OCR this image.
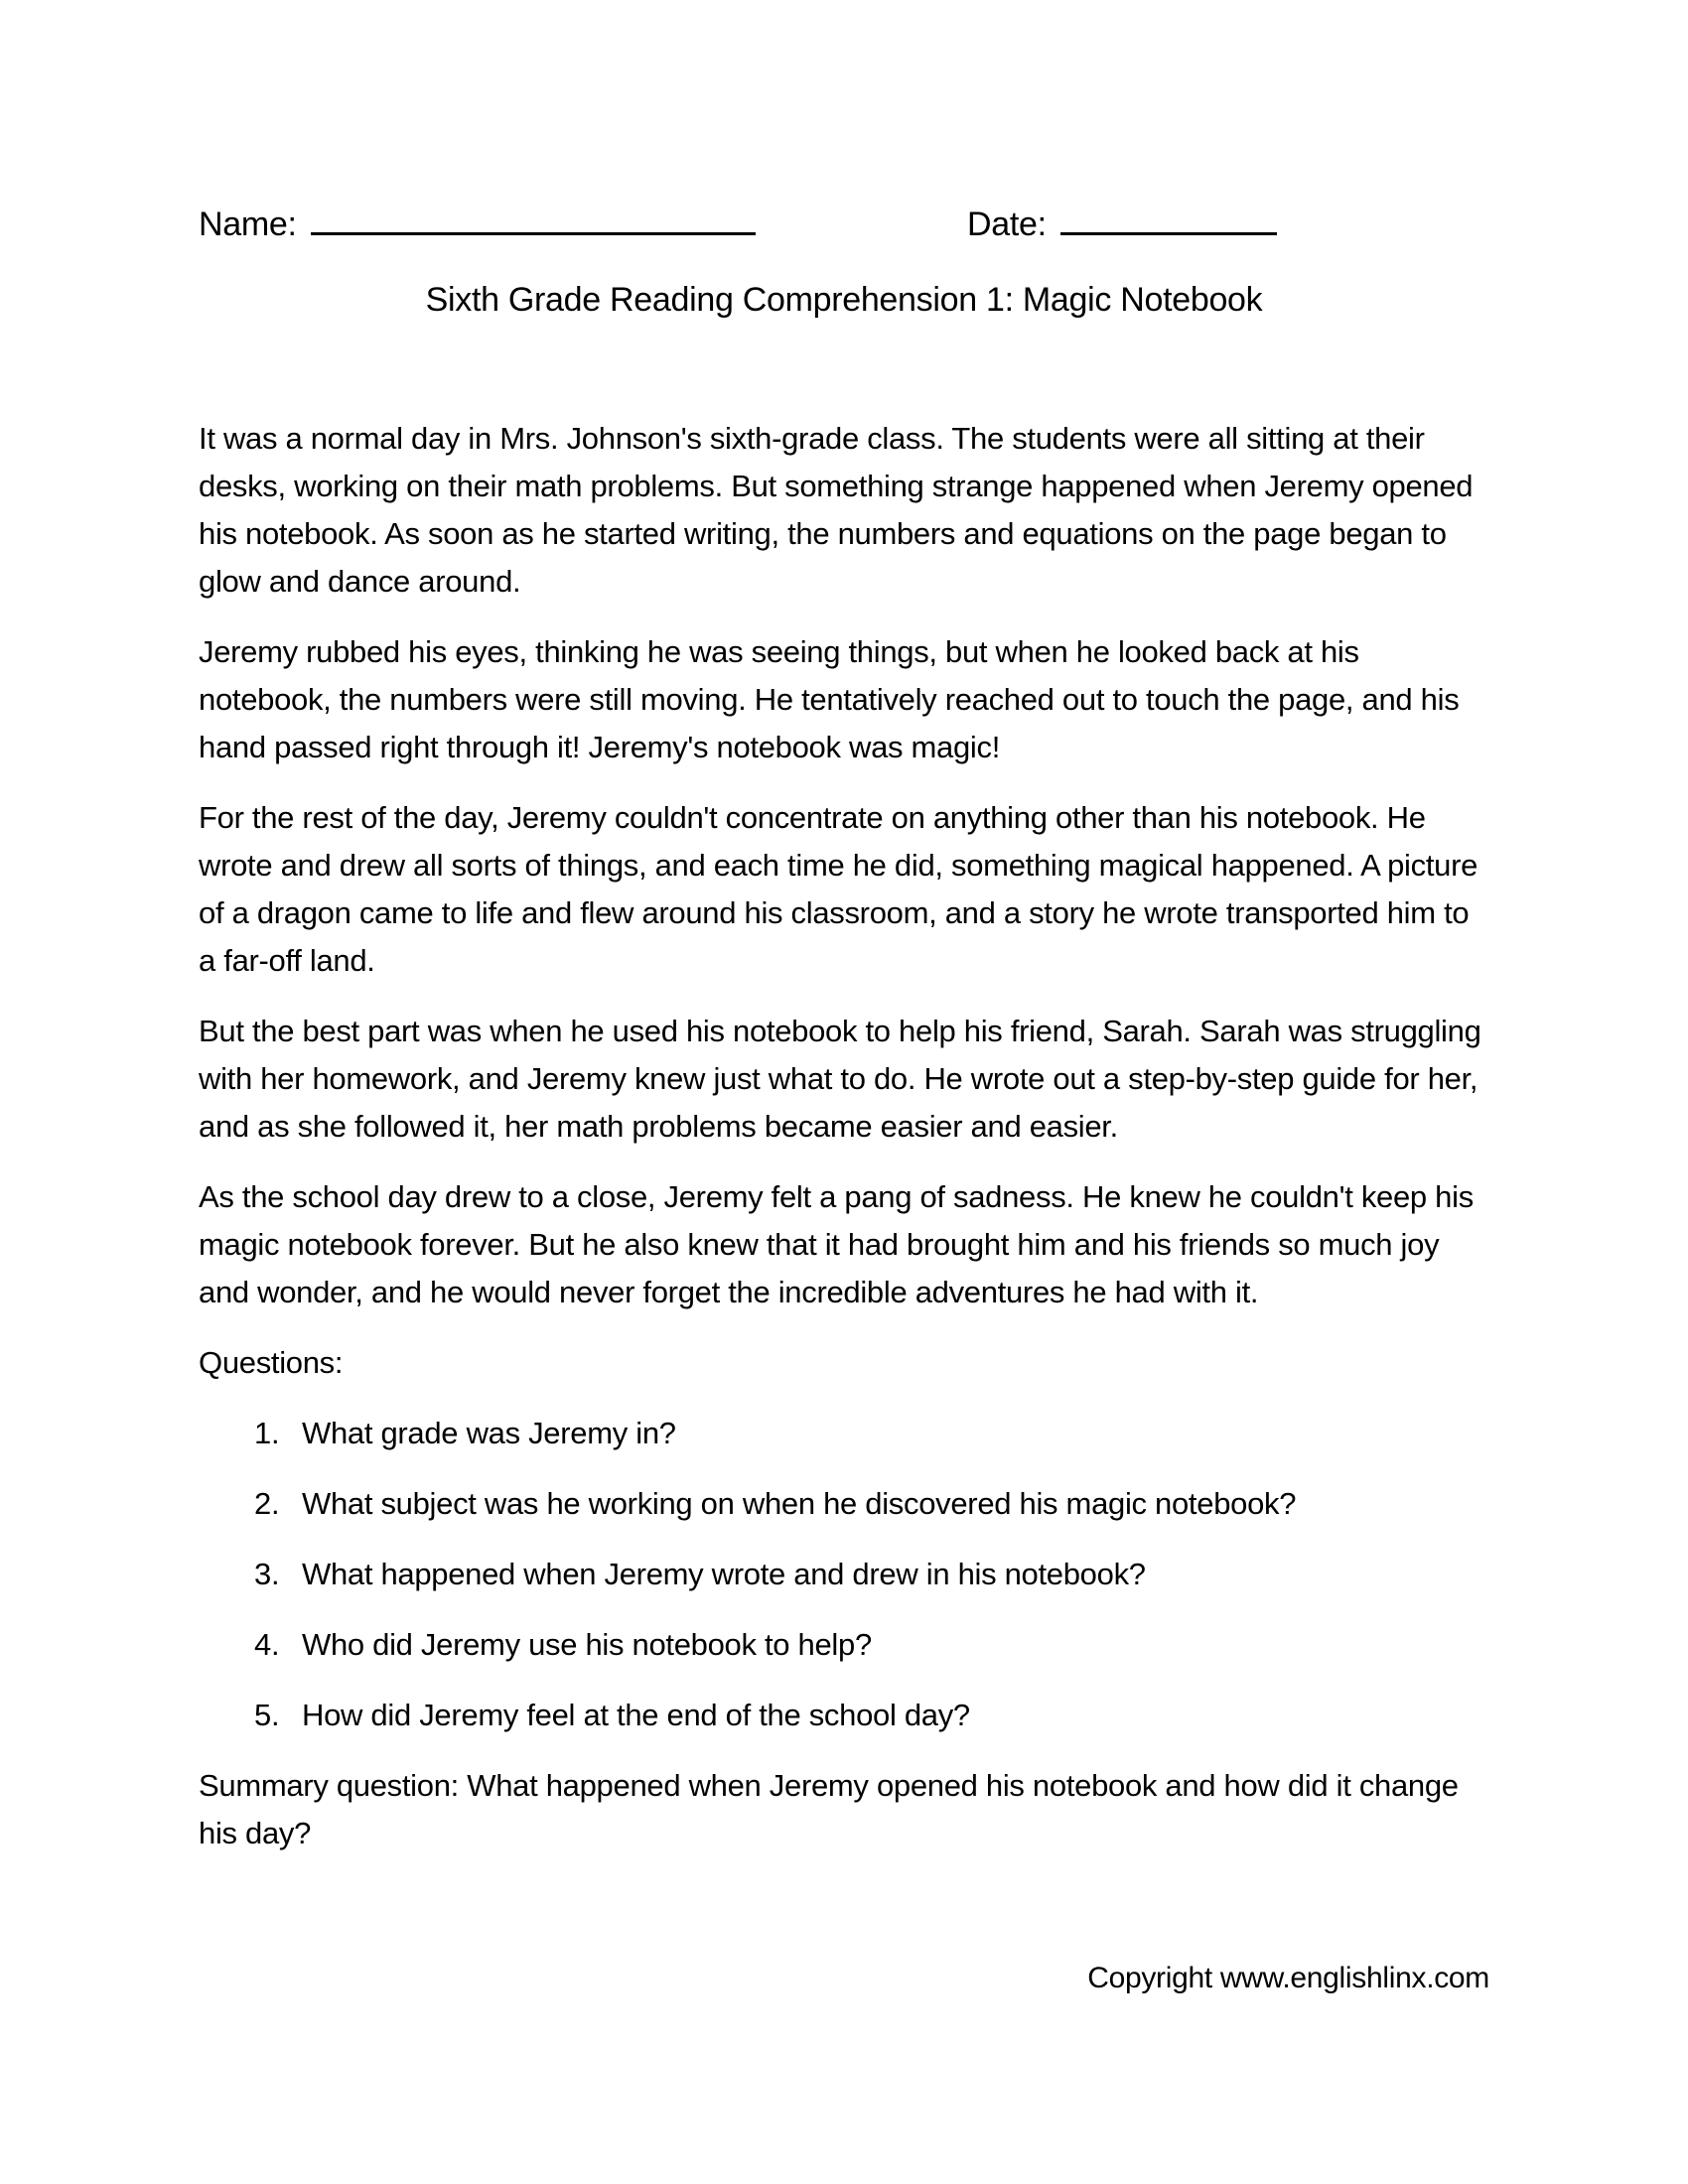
Name:	Date:
Sixth Grade Reading Comprehension 1: Magic Notebook

It was a normal day in Mrs. Johnson's sixth-grade class. The students were all sitting at their desks, working on their math problems. But something strange happened when Jeremy opened his notebook. As soon as he started writing, the numbers and equations on the page began to glow and dance around.

Jeremy rubbed his eyes, thinking he was seeing things, but when he looked back at his notebook, the numbers were still moving. He tentatively reached out to touch the page, and his hand passed right through it! Jeremy's notebook was magic!

For the rest of the day, Jeremy couldn't concentrate on anything other than his notebook. He wrote and drew all sorts of things, and each time he did, something magical happened. A picture of a dragon came to life and flew around his classroom, and a story he wrote transported him to a far-off land.

But the best part was when he used his notebook to help his friend, Sarah. Sarah was struggling with her homework, and Jeremy knew just what to do. He wrote out a step-by-step guide for her, and as she followed it, her math problems became easier and easier.

As the school day drew to a close, Jeremy felt a pang of sadness. He knew he couldn't keep his magic notebook forever. But he also knew that it had brought him and his friends so much joy and wonder, and he would never forget the incredible adventures he had with it.

Questions:

1. What grade was Jeremy in?
2. What subject was he working on when he discovered his magic notebook?
3. What happened when Jeremy wrote and drew in his notebook?
4. Who did Jeremy use his notebook to help?
5. How did Jeremy feel at the end of the school day?

Summary question: What happened when Jeremy opened his notebook and how did it change his day?

Copyright www.englishlinx.com
